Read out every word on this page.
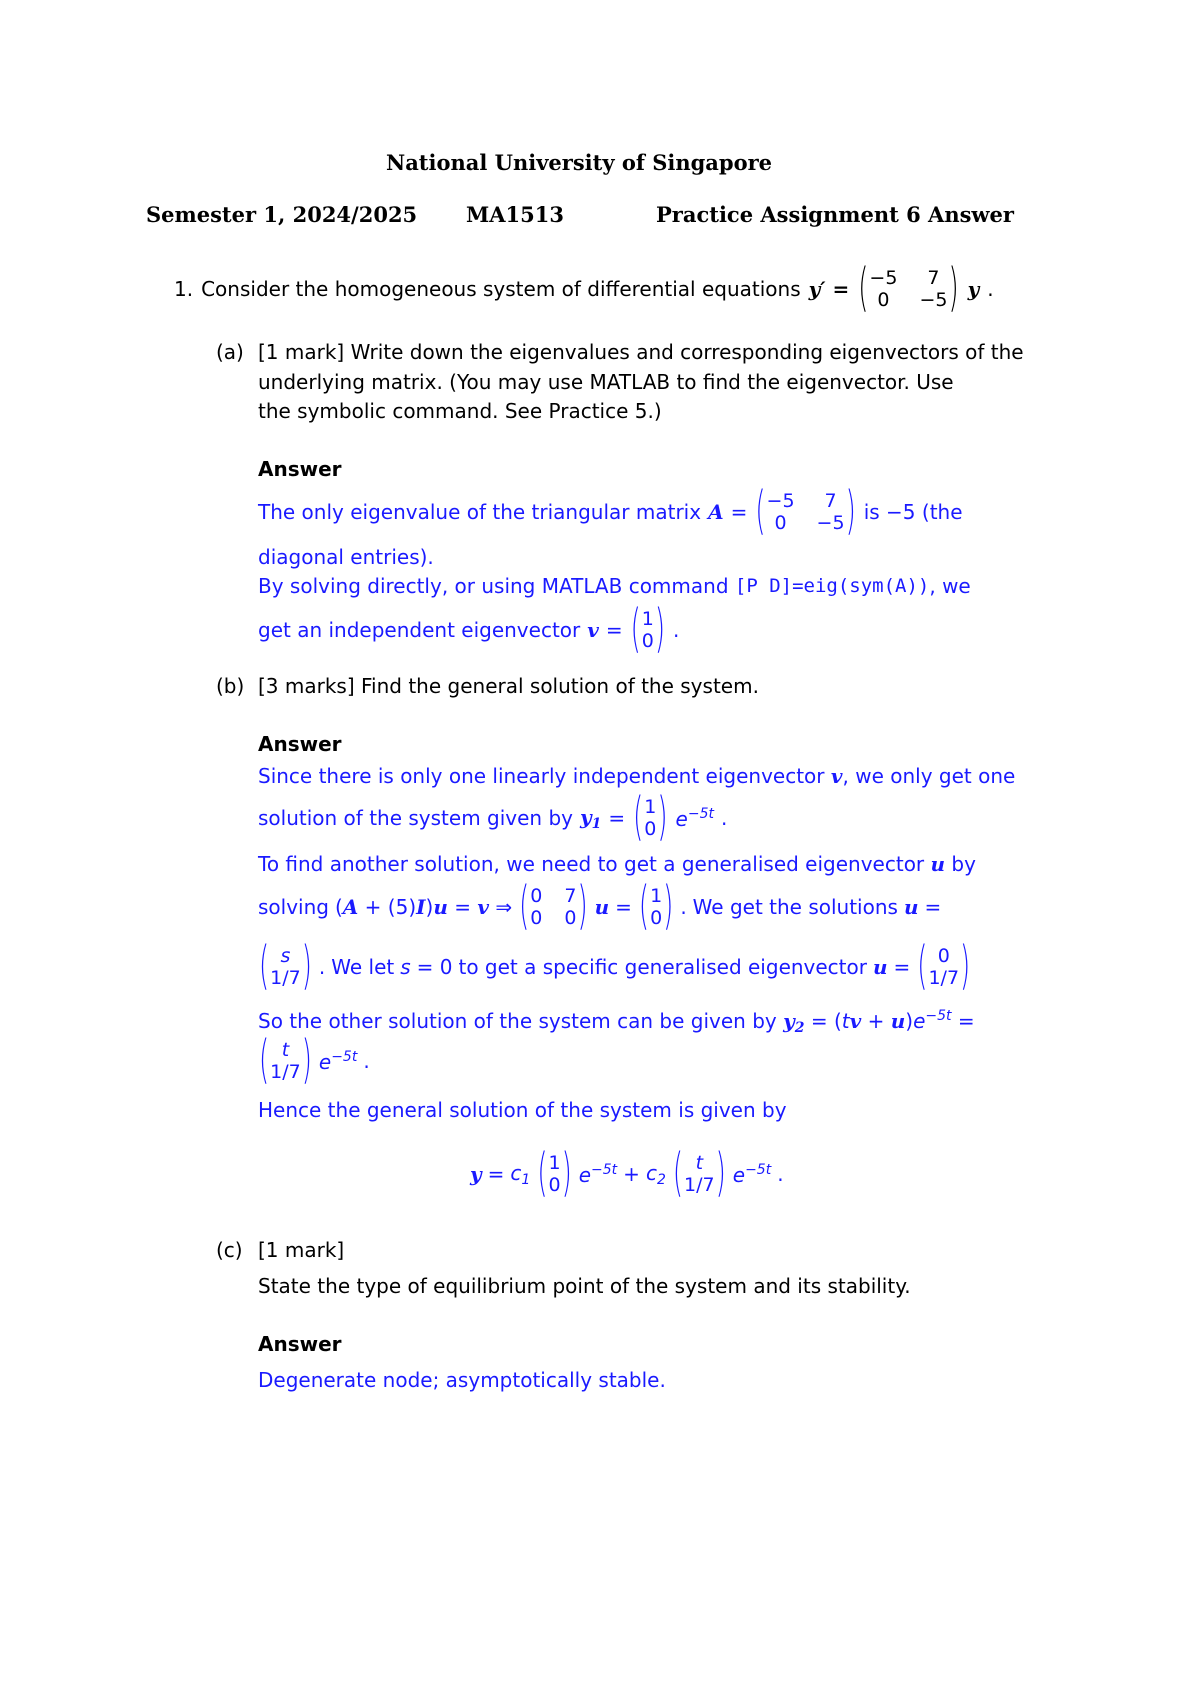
National University of Singapore
Semester 1, 2024/2025 MA1513	Practice Assignment 6 Answer
1. Consider the homogeneous system of differential equations y′ = ( −5	7
0	−5 ) y .
(a) [1 mark] Write down the eigenvalues and corresponding eigenvectors of the
underlying matrix. (You may use MATLAB to find the eigenvector. Use
the symbolic command. See Practice 5.)
Answer
The only eigenvalue of the triangular matrix A = ( −5	7
0	−5 ) is −5 (the
diagonal entries).
By solving directly, or using MATLAB command
[P D]=eig(sym(A)) , we
get an independent eigenvector v = ( 1
0 ) .
(b) [3 marks] Find the general solution of the system.
Answer
Since there is only one linearly independent eigenvector v, we only get one
solution of the system given by $y_1$ = ( 1
0 ) $e^{-5t}$ .
To find another solution, we need to get a generalised eigenvector u by
solving (A + (5)I)u = v ⇒ ( 0 7
0 0 ) u = ( 1
0 ) . We get the solutions u =
( s
1/7 ) . We let s = 0 to get a specific generalised eigenvector u = ( 0
1/7 )
So the other solution of the system can be given by $y_2 = (tv + u)e^{-5t}$ =
( t
1/7 ) $e^{-5t}$ .
Hence the general solution of the system is given by
$y = c_1$ ( 1
0 ) $e^{-5t} + c_2$ ( t
1/7 ) $e^{-5t}$ .
(c) [1 mark]
State the type of equilibrium point of the system and its stability.
Answer
Degenerate node; asymptotically stable.
